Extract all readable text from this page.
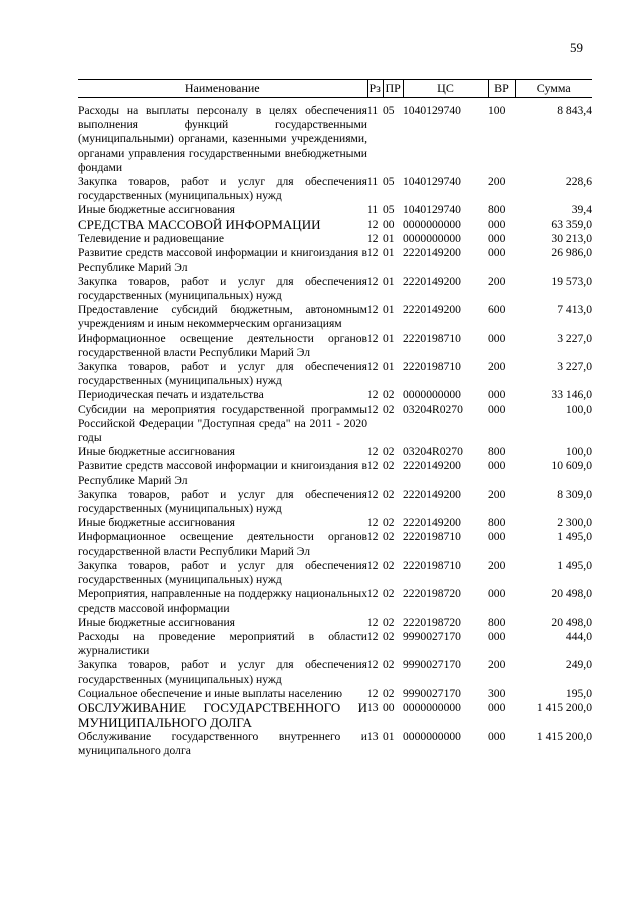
59
Наименование	Рз	ПР	ЦС	ВР	Сумма

Расходы на выплаты персоналу в целях обеспечения выполнения функций государственными (муниципальными) органами, казенными учреждениями, органами управления государственными внебюджетными фондами	11	05	1040129740	100	8 843,4
Закупка товаров, работ и услуг для обеспечения государственных (муниципальных) нужд	11	05	1040129740	200	228,6
Иные бюджетные ассигнования	11	05	1040129740	800	39,4
СРЕДСТВА МАССОВОЙ ИНФОРМАЦИИ	12	00	0000000000	000	63 359,0
Телевидение и радиовещание	12	01	0000000000	000	30 213,0
Развитие средств массовой информации и книгоиздания в Республике Марий Эл	12	01	2220149200	000	26 986,0
Закупка товаров, работ и услуг для обеспечения государственных (муниципальных) нужд	12	01	2220149200	200	19 573,0
Предоставление субсидий бюджетным, автономным учреждениям и иным некоммерческим организациям	12	01	2220149200	600	7 413,0
Информационное освещение деятельности органов государственной власти Республики Марий Эл	12	01	2220198710	000	3 227,0
Закупка товаров, работ и услуг для обеспечения государственных (муниципальных) нужд	12	01	2220198710	200	3 227,0
Периодическая печать и издательства	12	02	0000000000	000	33 146,0
Субсидии на мероприятия государственной программы Российской Федерации "Доступная среда" на 2011 - 2020 годы	12	02	03204R0270	000	100,0
Иные бюджетные ассигнования	12	02	03204R0270	800	100,0
Развитие средств массовой информации и книгоиздания в Республике Марий Эл	12	02	2220149200	000	10 609,0
Закупка товаров, работ и услуг для обеспечения государственных (муниципальных) нужд	12	02	2220149200	200	8 309,0
Иные бюджетные ассигнования	12	02	2220149200	800	2 300,0
Информационное освещение деятельности органов государственной власти Республики Марий Эл	12	02	2220198710	000	1 495,0
Закупка товаров, работ и услуг для обеспечения государственных (муниципальных) нужд	12	02	2220198710	200	1 495,0
Мероприятия, направленные на поддержку национальных средств массовой информации	12	02	2220198720	000	20 498,0
Иные бюджетные ассигнования	12	02	2220198720	800	20 498,0
Расходы на проведение мероприятий в области журналистики	12	02	9990027170	000	444,0
Закупка товаров, работ и услуг для обеспечения государственных (муниципальных) нужд	12	02	9990027170	200	249,0
Социальное обеспечение и иные выплаты населению	12	02	9990027170	300	195,0
ОБСЛУЖИВАНИЕ ГОСУДАРСТВЕННОГО И МУНИЦИПАЛЬНОГО ДОЛГА	13	00	0000000000	000	1 415 200,0
Обслуживание государственного внутреннего и муниципального долга	13	01	0000000000	000	1 415 200,0
